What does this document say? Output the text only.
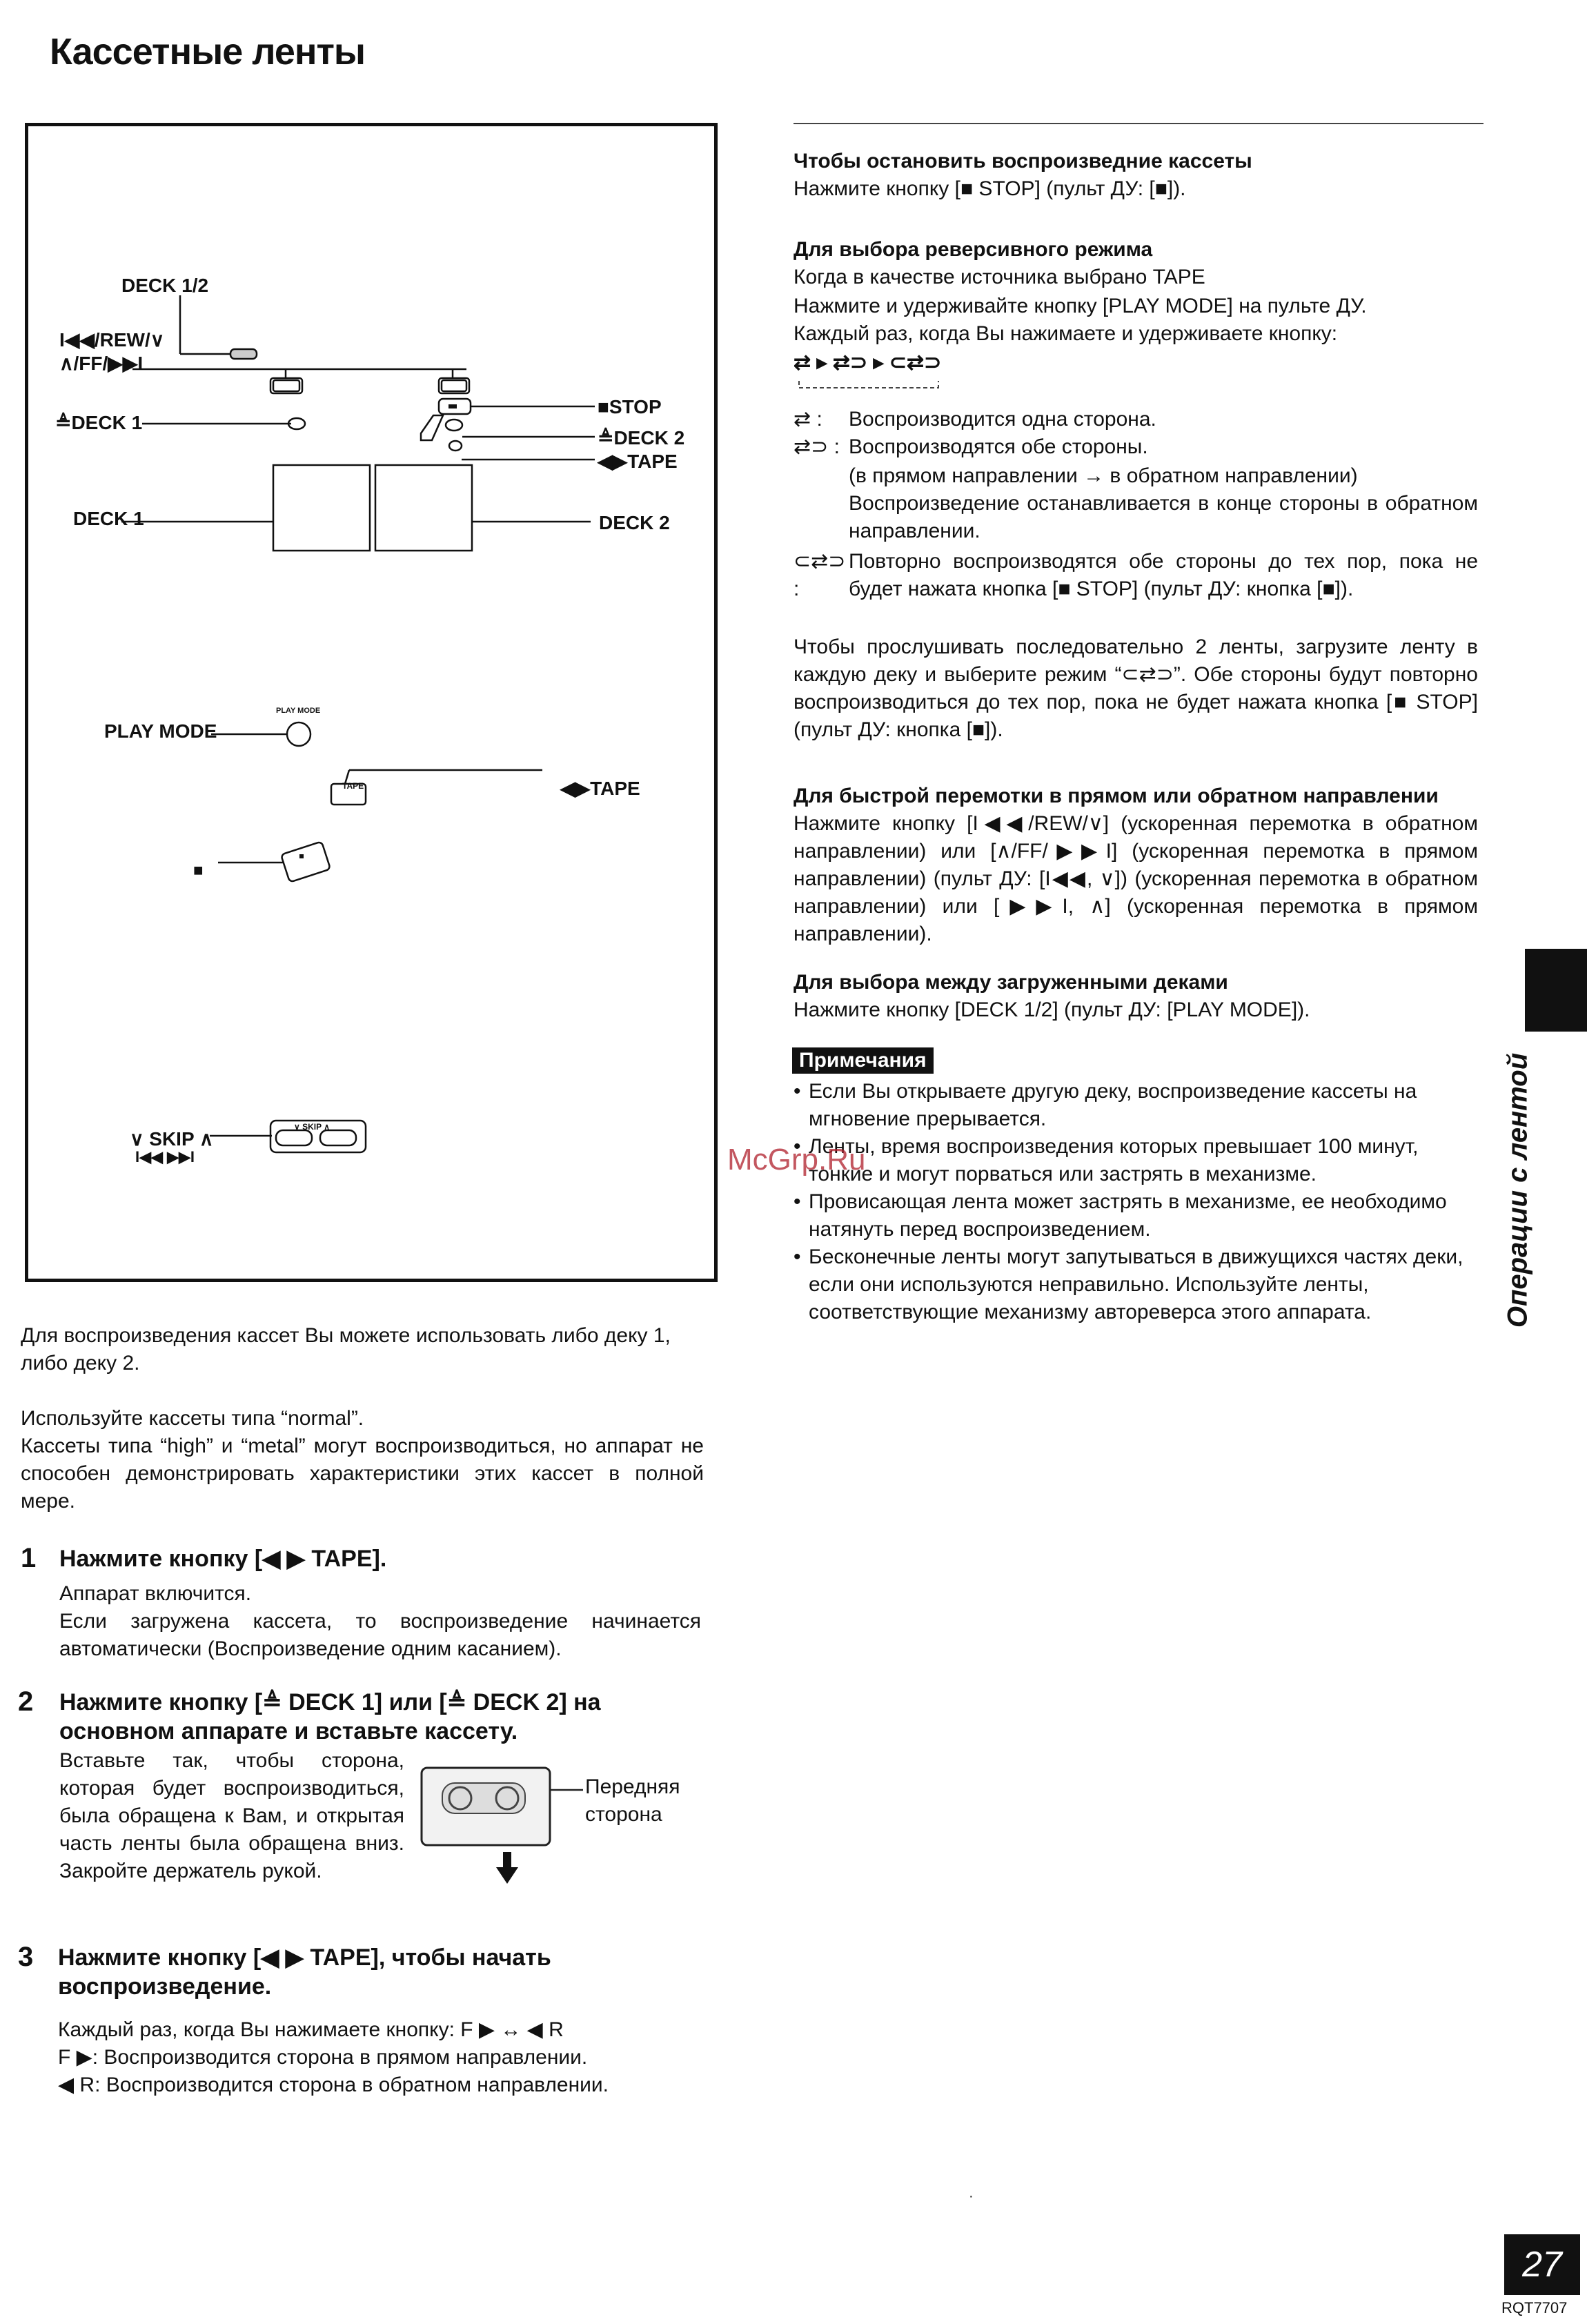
Кассетные ленты
DECK 1/2
I◀◀/REW/∨
∧/FF/▶▶I
≜DECK 1
■STOP
≜DECK 2
◀▶TAPE
DECK 1	DECK 2
PLAY MODE
PLAY MODE
◀▶TAPE
TAPE
■
∨ SKIP ∧
I◀◀ ▶▶I
∨ SKIP ∧
Для воспроизведения кассет Вы можете использовать либо деку 1, либо деку 2.
Используйте кассеты типа “normal”.
Кассеты типа “high” и “metal” могут воспроизводиться, но аппарат не способен демонстрировать характеристики этих кассет в полной мере.
1 Нажмите кнопку [◀ ▶ TAPE].
Аппарат включится.
Если загружена кассета, то воспроизведение начинается автоматически (Воспроизведение одним касанием).
2 Нажмите кнопку [≜ DECK 1] или [≜ DECK 2] на основном аппарате и вставьте кассету.
Вставьте так, чтобы сторона, которая будет воспроизводиться, была обращена к Вам, и открытая часть ленты была обращена вниз. Закройте держатель рукой.
Передняя сторона
3 Нажмите кнопку [◀ ▶ TAPE], чтобы начать воспроизведение.
Каждый раз, когда Вы нажимаете кнопку: F ▶ ↔ ◀ R
F ▶: Воспроизводится сторона в прямом направлении.
◀ R: Воспроизводится сторона в обратном направлении.
Чтобы остановить воспроизведние кассеты
Нажмите кнопку [■ STOP] (пульт ДУ: [■]).
Для выбора реверсивного режима
Когда в качестве источника выбрано TAPE
Нажмите и удерживайте кнопку [PLAY MODE] на пульте ДУ.
Каждый раз, когда Вы нажимаете и удерживаете кнопку:
⇄ ▸ ⇄⊃ ▸ ⊂⇄⊃
⇄ :	Воспроизводится одна сторона.
⇄⊃ : Воспроизводятся обе стороны.
(в прямом направлении → в обратном направлении)
Воспроизведение останавливается в конце стороны в обратном направлении.
⊂⇄⊃ :
Повторно воспроизводятся обе стороны до тех пор, пока не будет нажата кнопка [■ STOP] (пульт ДУ: кнопка [■]).
Чтобы прослушивать последовательно 2 ленты, загрузите ленту в каждую деку и выберите режим “⊂⇄⊃”. Обе стороны будут повторно воспроизводиться до тех пор, пока не будет нажата кнопка [■ STOP] (пульт ДУ: кнопка [■]).
Для быстрой перемотки в прямом или обратном направлении
Нажмите кнопку [I◀◀/REW/∨] (ускоренная перемотка в обратном направлении) или [∧/FF/▶▶I] (ускоренная перемотка в прямом направлении) (пульт ДУ: [I◀◀, ∨]) (ускоренная перемотка в обратном направлении) или [▶▶I, ∧] (ускоренная перемотка в прямом направлении).
Для выбора между загруженными деками
Нажмите кнопку [DECK 1/2] (пульт ДУ: [PLAY MODE]).
Примечания
• Если Вы открываете другую деку, воспроизведение кассеты на мгновение прерывается.
• Ленты, время воспроизведения которых превышает 100 минут, тонкие и могут порваться или застрять в механизме.
• Провисающая лента может застрять в механизме, ее необходимо натянуть перед воспроизведением.
• Бесконечные ленты могут запутываться в движущихся частях деки, если они используются неправильно. Используйте ленты, соответствующие механизму автореверса этого аппарата.
McGrp.Ru	Операции с лентой
·
27
RQT7707
